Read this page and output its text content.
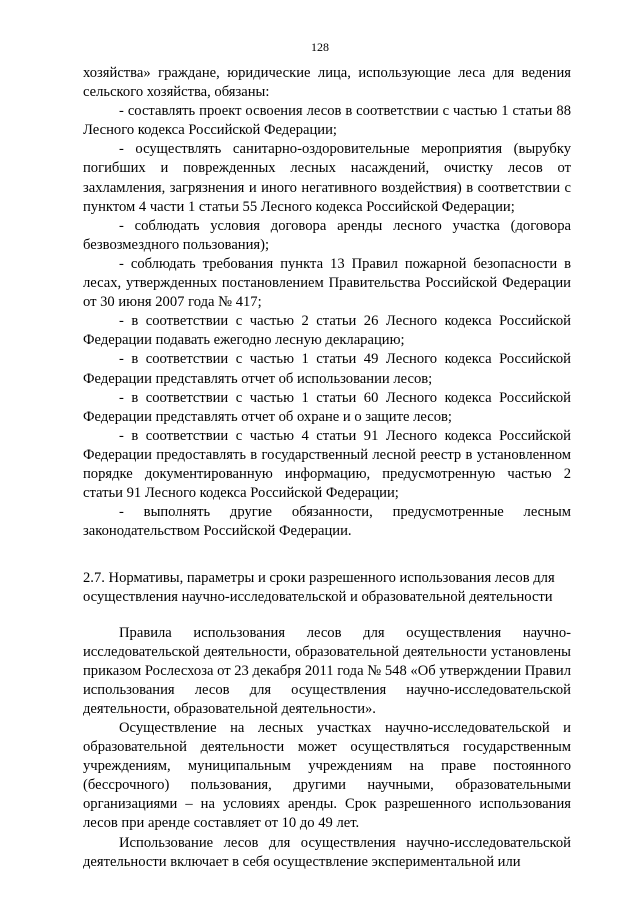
128

хозяйства» граждане, юридические лица, использующие леса для ведения сельского хозяйства, обязаны:

- составлять проект освоения лесов в соответствии с частью 1 статьи 88 Лесного кодекса Российской Федерации;

- осуществлять санитарно-оздоровительные мероприятия (вырубку погибших и поврежденных лесных насаждений, очистку лесов от захламления, загрязнения и иного негативного воздействия) в соответствии с пунктом 4 части 1 статьи 55 Лесного кодекса Российской Федерации;

- соблюдать условия договора аренды лесного участка (договора безвозмездного пользования);

- соблюдать требования пункта 13 Правил пожарной безопасности в лесах, утвержденных постановлением Правительства Российской Федерации от 30 июня 2007 года № 417;

- в соответствии с частью 2 статьи 26 Лесного кодекса Российской Федерации подавать ежегодно лесную декларацию;

- в соответствии с частью 1 статьи 49 Лесного кодекса Российской Федерации представлять отчет об использовании лесов;

- в соответствии с частью 1 статьи 60 Лесного кодекса Российской Федерации представлять отчет об охране и о защите лесов;

- в соответствии с частью 4 статьи 91 Лесного кодекса Российской Федерации предоставлять в государственный лесной реестр в установленном порядке документированную информацию, предусмотренную частью 2 статьи 91 Лесного кодекса Российской Федерации;

- выполнять другие обязанности, предусмотренные лесным законодательством Российской Федерации.

2.7. Нормативы, параметры и сроки разрешенного использования лесов для осуществления научно-исследовательской и образовательной деятельности

Правила использования лесов для осуществления научно-исследовательской деятельности, образовательной деятельности установлены приказом Рослесхоза от 23 декабря 2011 года № 548 «Об утверждении Правил использования лесов для осуществления научно-исследовательской деятельности, образовательной деятельности».

Осуществление на лесных участках научно-исследовательской и образовательной деятельности может осуществляться государственным учреждениям, муниципальным учреждениям на праве постоянного (бессрочного) пользования, другими научными, образовательными организациями – на условиях аренды. Срок разрешенного использования лесов при аренде составляет от 10 до 49 лет.

Использование лесов для осуществления научно-исследовательской деятельности включает в себя осуществление экспериментальной или
